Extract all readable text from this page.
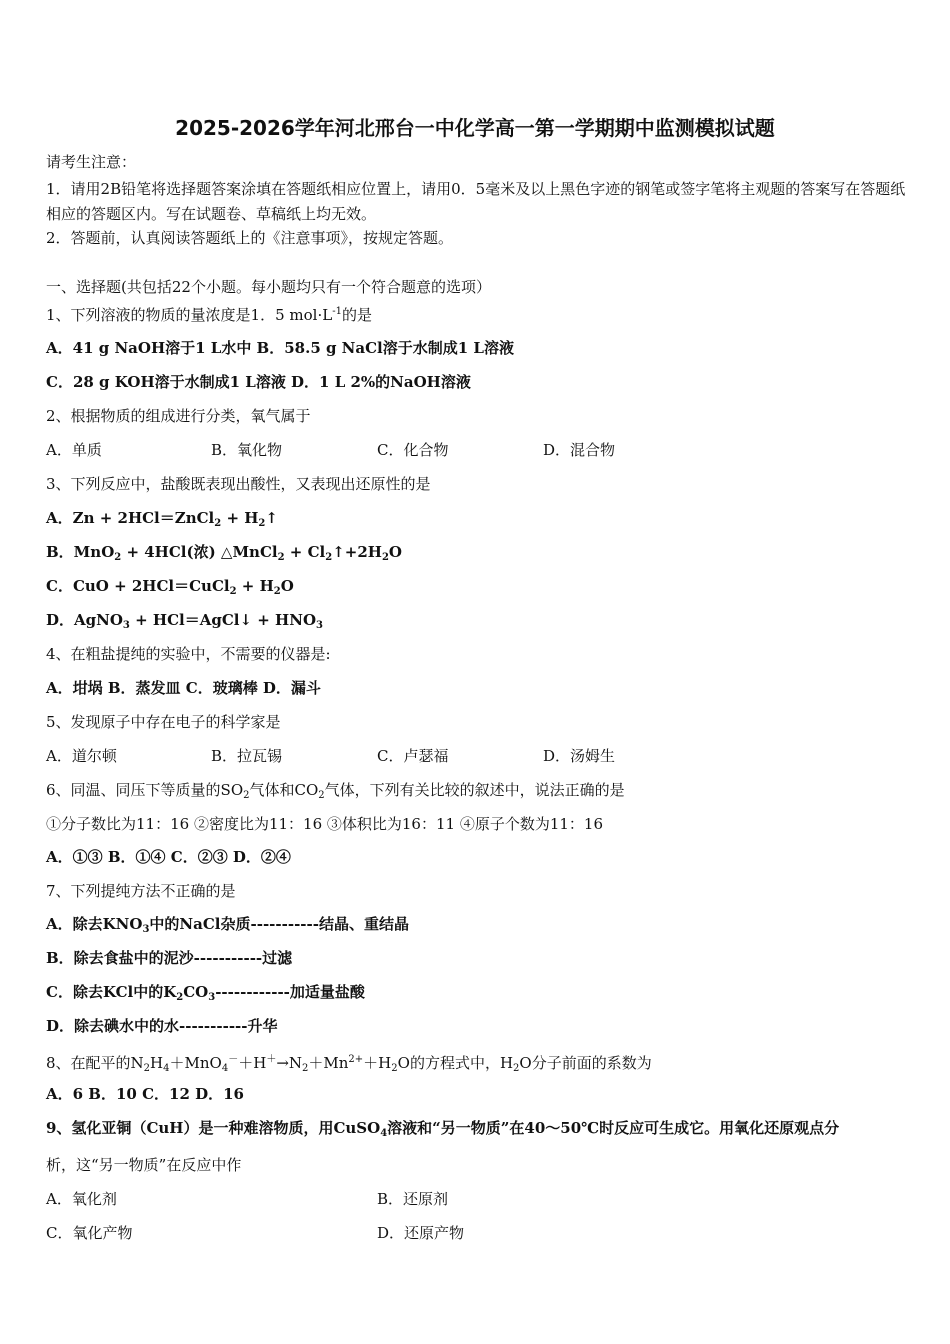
2025-2026学年河北邢台一中化学高一第一学期期中监测模拟试题
请考生注意：
1．请用2B铅笔将选择题答案涂填在答题纸相应位置上，请用0．5毫米及以上黑色字迹的钢笔或签字笔将主观题的答案写在答题纸相应的答题区内。写在试题卷、草稿纸上均无效。
2．答题前，认真阅读答题纸上的《注意事项》，按规定答题。
一、选择题(共包括22个小题。每小题均只有一个符合题意的选项）
1、下列溶液的物质的量浓度是1．5 $mol\cdot L^{-1}$的是
A．41 g NaOH溶于1 L水中 B．58.5 g NaCl溶于水制成1 L溶液
C．28 g KOH溶于水制成1 L溶液 D．1 L 2%的NaOH溶液
2、根据物质的组成进行分类，氧气属于
A．单质	B．氧化物	C．化合物	D．混合物
3、下列反应中，盐酸既表现出酸性，又表现出还原性的是
A．Zn + 2HCl＝ZnCl$_2$ + $H_2↑$
B．MnO$_2$ + 4HCl(浓) △MnCl$_2$ + $Cl_2↑+2H_2O$
C．CuO + 2HCl＝CuCl$_2$ + $H_2O$
D．AgNO$_3$ + HCl＝AgCl↓ + $HNO_3$
4、在粗盐提纯的实验中，不需要的仪器是:
A．坩埚 B．蒸发皿 C．玻璃棒 D．漏斗
5、发现原子中存在电子的科学家是
A．道尔顿	B．拉瓦锡	C．卢瑟福	D．汤姆生
6、同温、同压下等质量的$SO_2$气体和$CO_2$气体，下列有关比较的叙述中，说法正确的是
①分子数比为11：16 ②密度比为11：16 ③体积比为16：11 ④原子个数为11：16
A．①③ B．①④ C．②③ D．②④
7、下列提纯方法不正确的是
A．除去$KNO_3$中的NaCl杂质-----------结晶、重结晶
B．除去食盐中的泥沙-----------过滤
C．除去KCl中的$K_2CO_3------------$加适量盐酸
D．除去碘水中的水-----------升华
8、在配平的$N_2H_4+MnO_4^-+H^+\to N_2+Mn^{2+}+H_2O$的方程式中，$H_2O$分子前面的系数为
A．6 B．10 C．12 D．16
9、氢化亚铜（CuH）是一种难溶物质，用CuSO$_4$溶液和“另一物质”在40～50℃时反应可生成它。用氧化还原观点分
析，这“另一物质”在反应中作
A．氧化剂	B．还原剂
C．氧化产物	D．还原产物
